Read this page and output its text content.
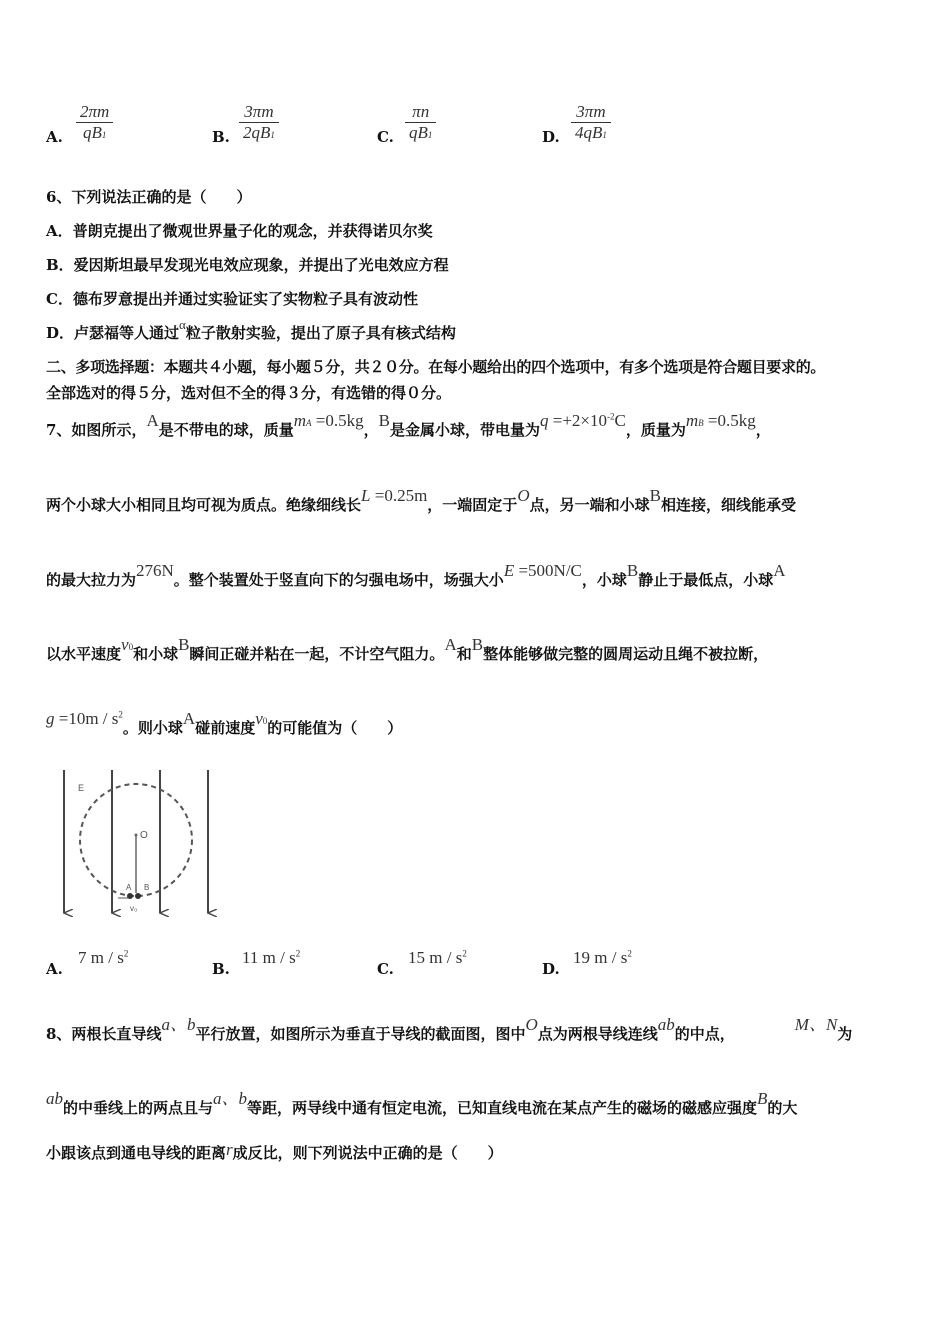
A. $\frac{2\pi m}{qB1}$	B. $\frac{3\pi m}{2qB1}$	C. $\frac{\pi n}{qB1}$	D. $\frac{3\pi m}{4qB1}$
6、下列说法正确的是（　　）
A．普朗克提出了微观世界量子化的观念，并获得诺贝尔奖
B．爱因斯坦最早发现光电效应现象，并提出了光电效应方程
C．德布罗意提出并通过实验证实了实物粒子具有波动性
D．卢瑟福等人通过α粒子散射实验，提出了原子具有核式结构
二、多项选择题：本题共４小题，每小题５分，共２０分。在每小题给出的四个选项中，有多个选项是符合题目要求的。
全部选对的得５分，选对但不全的得３分，有选错的得０分。
7、如图所示，A是不带电的球，质量mA =0.5kg，B是金属小球，带电量为$q =+2\times 10^{-2}C$，质量为mB =0.5kg，
两个小球大小相同且均可视为质点。绝缘细线长L =0.25m，一端固定于O点，另一端和小球B相连接，细线能承受
的最大拉力为276N。整个装置处于竖直向下的匀强电场中，场强大小E =500N/C，小球B静止于最低点，小球A
以水平速度v0和小球B瞬间正碰并粘在一起，不计空气阻力。A和B整体能够做完整的圆周运动且绳不被拉断，
$g =10m / s^2$。则小球A碰前速度v0的可能值为（　　）
E
O
A B
v₀
A.
7 m / $s^2$
B.
11 m / $s^2$
C.
15 m / $s^2$
D.
19 m / $s^2$
8、两根长直导线a、b平行放置，如图所示为垂直于导线的截面图，图中O点为两根导线连线ab的中点，	M、N为
ab的中垂线上的两点且与a、b等距，两导线中通有恒定电流，已知直线电流在某点产生的磁场的磁感应强度B的大
小跟该点到通电导线的距离r成反比，则下列说法中正确的是（　　）
